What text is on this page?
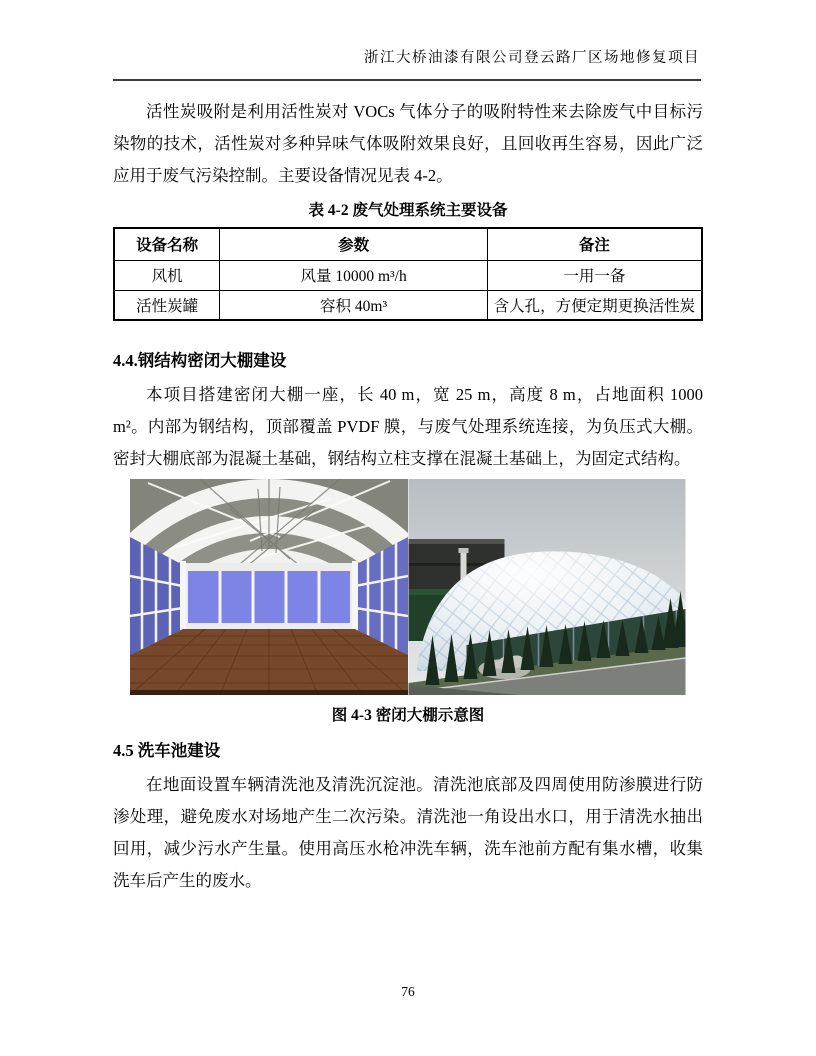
浙江大桥油漆有限公司登云路厂区场地修复项目

活性炭吸附是利用活性炭对 VOCs 气体分子的吸附特性来去除废气中目标污染物的技术，活性炭对多种异味气体吸附效果良好，且回收再生容易，因此广泛应用于废气污染控制。主要设备情况见表 4-2。

表 4-2 废气处理系统主要设备
设备名称	参数	备注
风机	风量 10000 m³/h	一用一备
活性炭罐	容积 40m³	含人孔，方便定期更换活性炭
4.4.钢结构密闭大棚建设

本项目搭建密闭大棚一座，长 40 m，宽 25 m，高度 8 m，占地面积 1000 m²。内部为钢结构，顶部覆盖 PVDF 膜，与废气处理系统连接，为负压式大棚。密封大棚底部为混凝土基础，钢结构立柱支撑在混凝土基础上，为固定式结构。

图 4-3 密闭大棚示意图
4.5 洗车池建设

在地面设置车辆清洗池及清洗沉淀池。清洗池底部及四周使用防渗膜进行防渗处理，避免废水对场地产生二次污染。清洗池一角设出水口，用于清洗水抽出回用，减少污水产生量。使用高压水枪冲洗车辆，洗车池前方配有集水槽，收集洗车后产生的废水。

76
